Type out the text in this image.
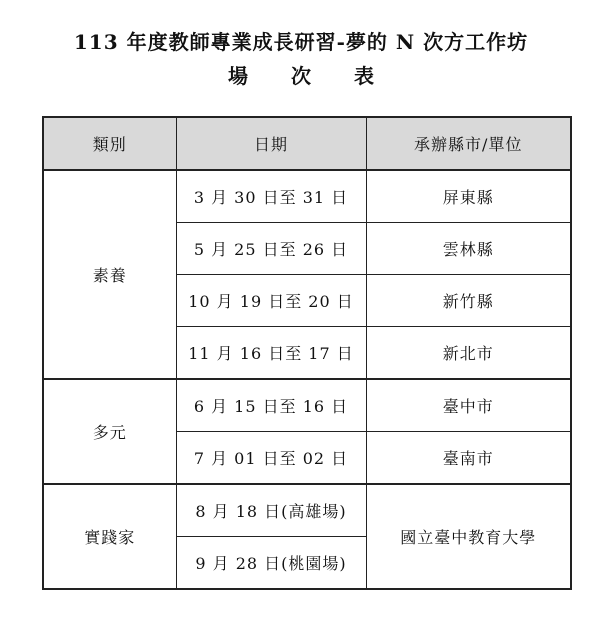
113 年度教師專業成長研習-夢的 N 次方工作坊
場 次 表
類別	日期	承辦縣市/單位
素養	3 月 30 日至 31 日	屏東縣
	5 月 25 日至 26 日	雲林縣
	10 月 19 日至 20 日	新竹縣
	11 月 16 日至 17 日	新北市
多元	6 月 15 日至 16 日	臺中市
	7 月 01 日至 02 日	臺南市
實踐家	8 月 18 日(高雄場)	國立臺中教育大學
	9 月 28 日(桃園場)	
